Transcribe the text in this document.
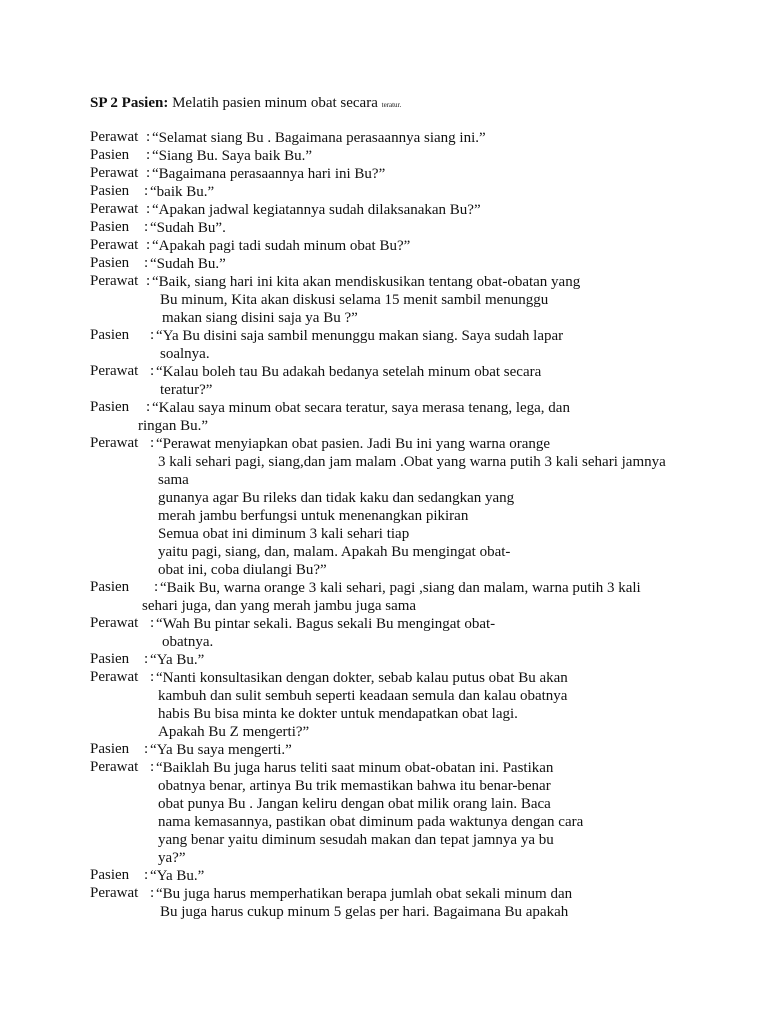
SP 2 Pasien: Melatih pasien minum obat secara teratur.
Perawat : “Selamat siang Bu . Bagaimana perasaannya siang ini.”
Pasien : “Siang Bu. Saya baik Bu.”
Perawat : “Bagaimana perasaannya hari ini Bu?”
Pasien : “baik Bu.”
Perawat : “Apakan jadwal kegiatannya sudah dilaksanakan Bu?”
Pasien : “Sudah Bu”.
Perawat : “Apakah pagi tadi sudah minum obat Bu?”
Pasien : “Sudah Bu.”
Perawat : “Baik, siang hari ini kita akan mendiskusikan tentang obat-obatan yang
Bu minum, Kita akan diskusi selama 15 menit sambil menunggu
makan siang disini saja ya Bu ?”
Pasien : “Ya Bu disini saja sambil menunggu makan siang. Saya sudah lapar
soalnya.
Perawat : “Kalau boleh tau Bu adakah bedanya setelah minum obat secara
teratur?”
Pasien : “Kalau saya minum obat secara teratur, saya merasa tenang, lega, dan
ringan Bu.”
Perawat : “Perawat menyiapkan obat pasien. Jadi Bu ini yang warna orange
3 kali sehari pagi, siang,dan jam malam .Obat yang warna putih 3 kali sehari jamnya
sama
gunanya agar Bu rileks dan tidak kaku dan sedangkan yang
merah jambu berfungsi untuk menenangkan pikiran
Semua obat ini diminum 3 kali sehari tiap
yaitu pagi, siang, dan, malam. Apakah Bu mengingat obat-
obat ini, coba diulangi Bu?”
Pasien : “Baik Bu, warna orange 3 kali sehari, pagi ,siang dan malam, warna putih 3 kali
sehari juga, dan yang merah jambu juga sama
Perawat : “Wah Bu pintar sekali. Bagus sekali Bu mengingat obat-
obatnya.
Pasien : “Ya Bu.”
Perawat : “Nanti konsultasikan dengan dokter, sebab kalau putus obat Bu akan
kambuh dan sulit sembuh seperti keadaan semula dan kalau obatnya
habis Bu bisa minta ke dokter untuk mendapatkan obat lagi.
Apakah Bu Z mengerti?”
Pasien : “Ya Bu saya mengerti.”
Perawat : “Baiklah Bu juga harus teliti saat minum obat-obatan ini. Pastikan
obatnya benar, artinya Bu trik memastikan bahwa itu benar-benar
obat punya Bu . Jangan keliru dengan obat milik orang lain. Baca
nama kemasannya, pastikan obat diminum pada waktunya dengan cara
yang benar yaitu diminum sesudah makan dan tepat jamnya ya bu
ya?”
Pasien : “Ya Bu.”
Perawat : “Bu juga harus memperhatikan berapa jumlah obat sekali minum dan
Bu juga harus cukup minum 5 gelas per hari. Bagaimana Bu apakah
